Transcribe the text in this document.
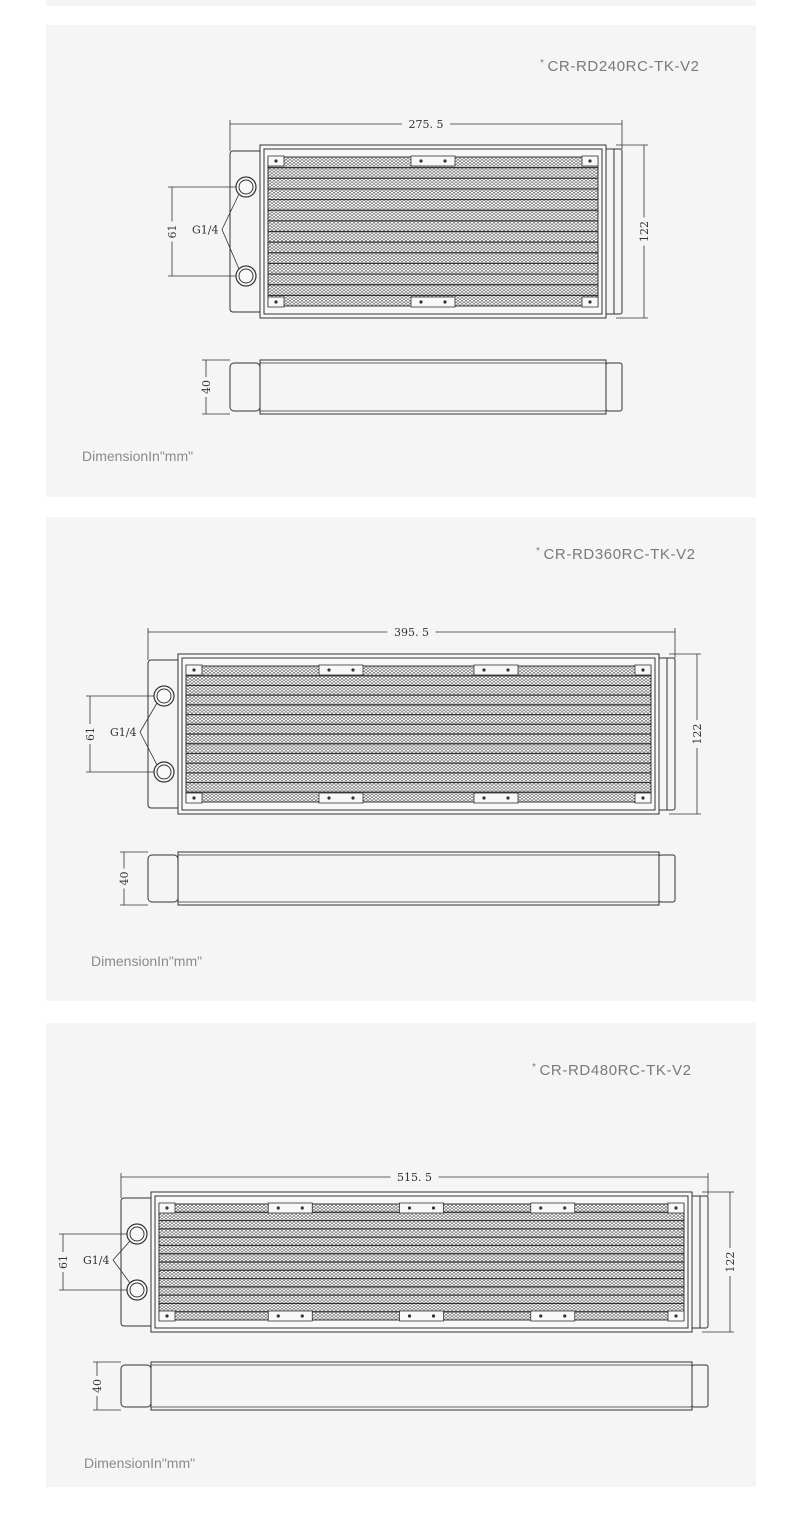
* CR-RD240RC-TK-V2
DimensionIn"mm"
275. 5
122
61 G1/4
40
* CR-RD360RC-TK-V2
DimensionIn"mm"
395. 5
122
61 G1/4
40
* CR-RD480RC-TK-V2
DimensionIn"mm"
515. 5
122
61 G1/4
40
